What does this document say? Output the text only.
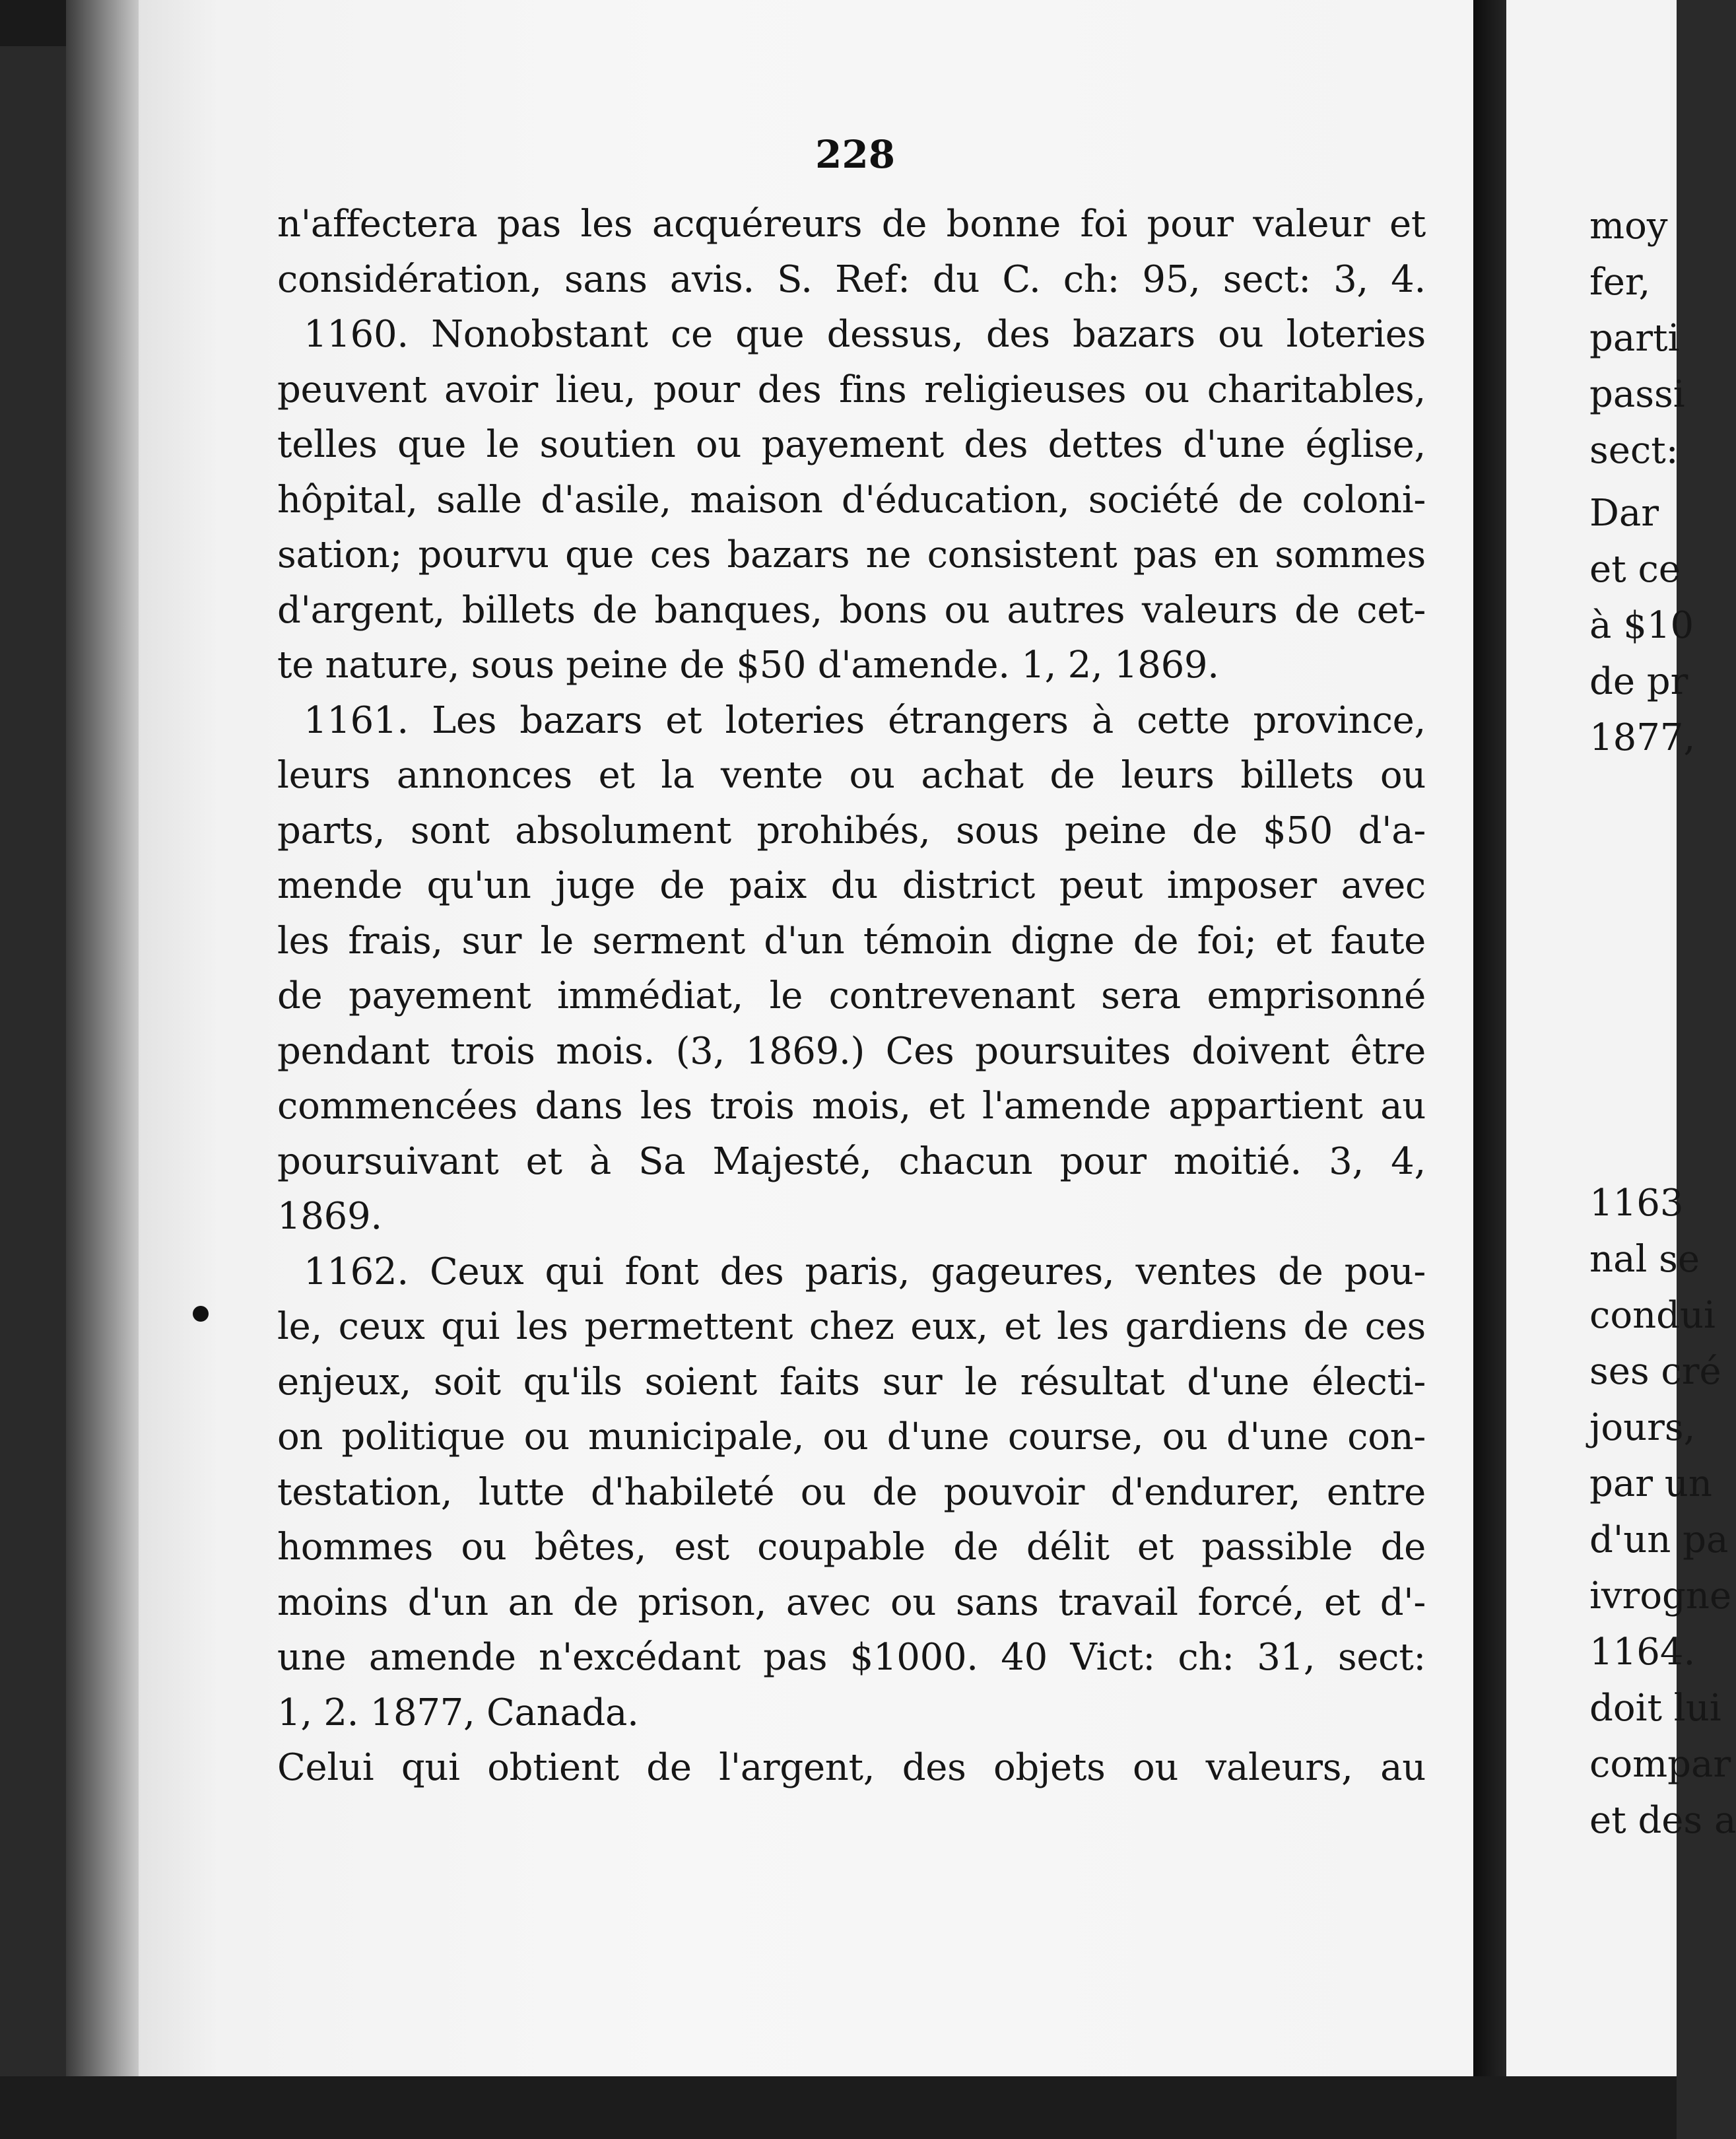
228
n'affectera pas les acquéreurs de bonne foi pour valeur et
considération, sans avis. S. Ref: du C. ch: 95, sect: 3, 4.
1160. Nonobstant ce que dessus, des bazars ou loteries
peuvent avoir lieu, pour des fins religieuses ou charitables,
telles que le soutien ou payement des dettes d'une église,
hôpital, salle d'asile, maison d'éducation, société de coloni-
sation; pourvu que ces bazars ne consistent pas en sommes
d'argent, billets de banques, bons ou autres valeurs de cet-
te nature, sous peine de $50 d'amende. 1, 2, 1869.
1161. Les bazars et loteries étrangers à cette province,
leurs annonces et la vente ou achat de leurs billets ou
parts, sont absolument prohibés, sous peine de $50 d'a-
mende qu'un juge de paix du district peut imposer avec
les frais, sur le serment d'un témoin digne de foi; et faute
de payement immédiat, le contrevenant sera emprisonné
pendant trois mois. (3, 1869.) Ces poursuites doivent être
commencées dans les trois mois, et l'amende appartient au
poursuivant et à Sa Majesté, chacun pour moitié. 3, 4,
1869.
1162. Ceux qui font des paris, gageures, ventes de pou-
le, ceux qui les permettent chez eux, et les gardiens de ces
enjeux, soit qu'ils soient faits sur le résultat d'une électi-
on politique ou municipale, ou d'une course, ou d'une con-
testation, lutte d'habileté ou de pouvoir d'endurer, entre
hommes ou bêtes, est coupable de délit et passible de
moins d'un an de prison, avec ou sans travail forcé, et d'-
une amende n'excédant pas $1000. 40 Vict: ch: 31, sect:
1, 2. 1877, Canada.
Celui qui obtient de l'argent, des objets ou valeurs, au
moy
fer,
parti
passi
sect:
Dar
et ce
à $10
de pr
1877,
1163
nal se
condui
ses cré
jours,
par un
d'un pa
ivrogne
1164.
doit lui
compar
et des a
